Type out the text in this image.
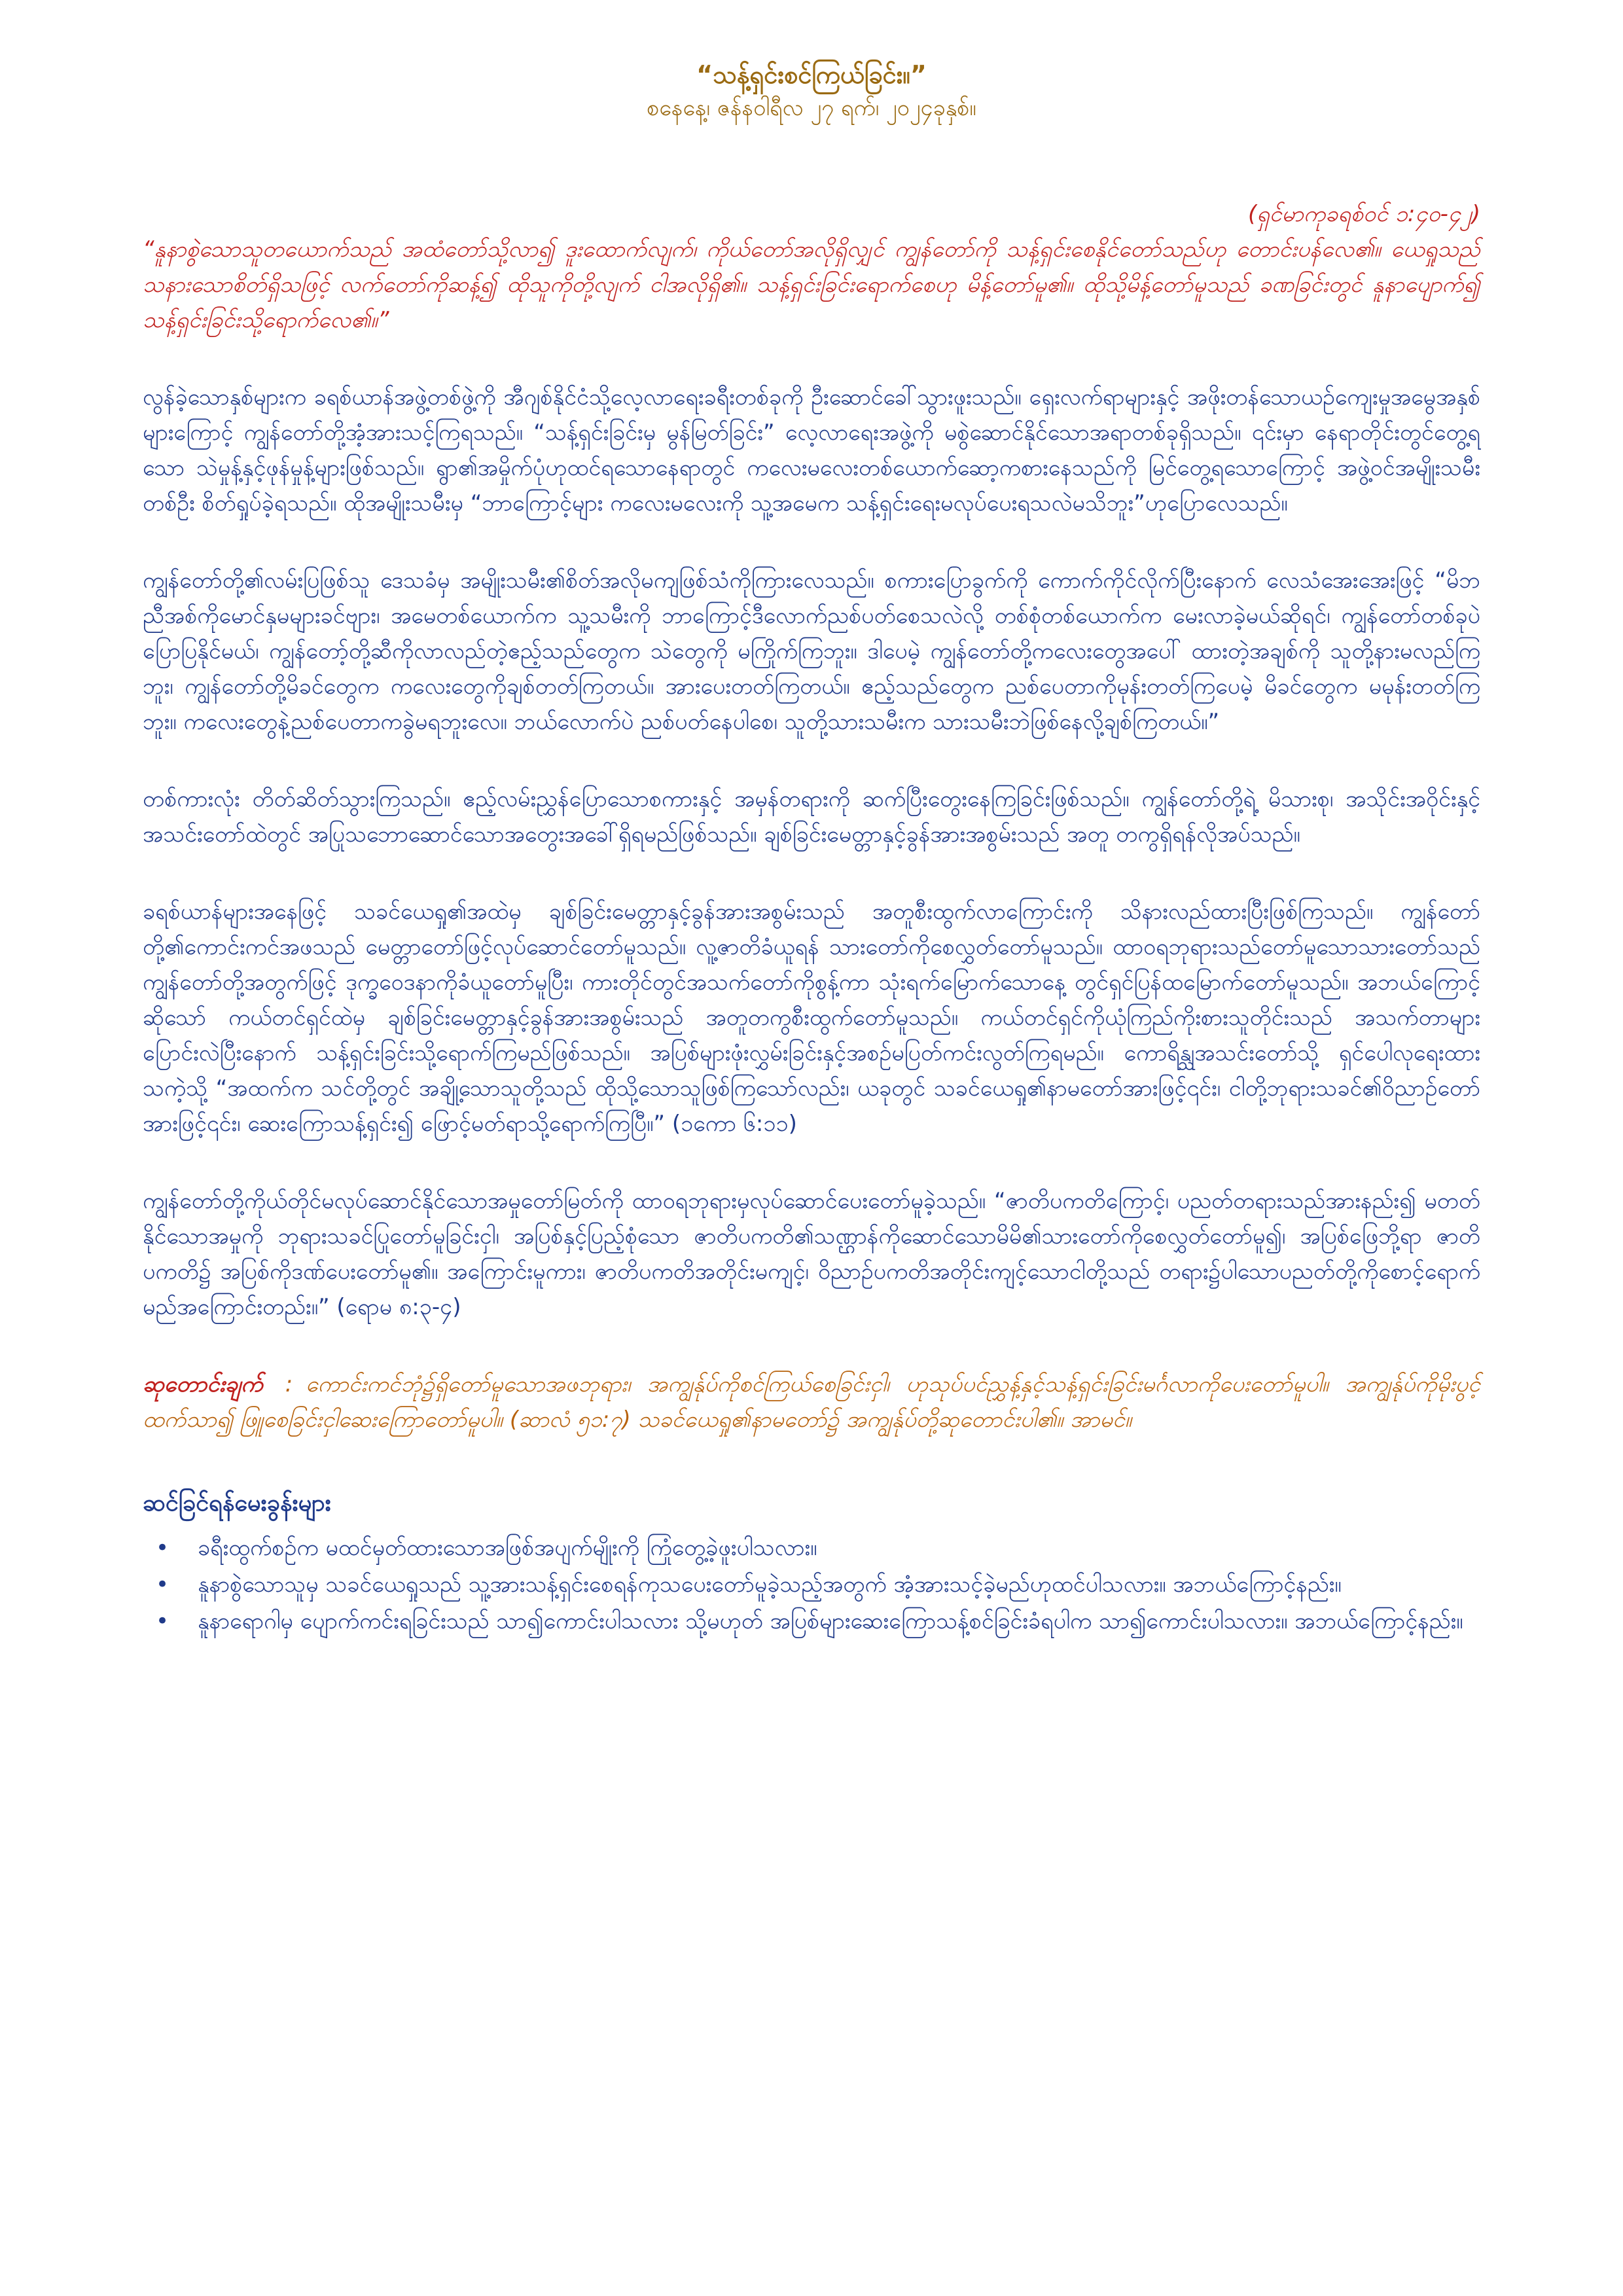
“သန့်ရှင်းစင်ကြယ်ခြင်း။”

စနေနေ့၊ ဇန်နဝါရီလ ၂၇ ရက်၊ ၂၀၂၄ခုနှစ်။

(ရှင်မာကုခရစ်ဝင် ၁:၄၀-၄၂)

“နူနာစွဲသောသူတယောက်သည် အထံတော်သို့လာ၍ ဒူးထောက်လျက်၊ ကိုယ်တော်အလိုရှိလျှင် ကျွန်တော်ကို သန့်ရှင်းစေနိုင်တော်သည်ဟု တောင်းပန်လေ၏။ ယေရှုသည် သနားသောစိတ်ရှိသဖြင့် လက်တော်ကိုဆန့်၍ ထိုသူကိုတို့လျက် ငါအလိုရှိ၏။ သန့်ရှင်းခြင်းရောက်စေဟု မိန့်တော်မူ၏။ ထိုသို့မိန့်တော်မူသည် ခဏခြင်းတွင် နူနာပျောက်၍ သန့်ရှင်းခြင်းသို့ရောက်လေ၏။”

လွန်ခဲ့သောနှစ်များက ခရစ်ယာန်အဖွဲ့တစ်ဖွဲ့ကို အီဂျစ်နိုင်ငံသို့လေ့လာရေးခရီးတစ်ခုကို ဦးဆောင်ခေါ်သွားဖူးသည်။ ရှေးလက်ရာများနှင့် အဖိုးတန်သောယဉ်ကျေးမှုအမွေအနှစ်များကြောင့် ကျွန်တော်တို့အံ့အားသင့်ကြရသည်။ “သန့်ရှင်းခြင်းမှ မွန်မြတ်ခြင်း” လေ့လာရေးအဖွဲ့ကို မစွဲဆောင်နိုင်သောအရာတစ်ခုရှိသည်။ ၎င်းမှာ နေရာတိုင်းတွင်တွေ့ရသော သဲမှုန့်နှင့်ဖုန်မှုန့်များဖြစ်သည်။ ရွာ၏အမှိုက်ပုံဟုထင်ရသောနေရာတွင် ကလေးမလေးတစ်ယောက်ဆော့ကစားနေသည်ကို မြင်တွေ့ရသောကြောင့် အဖွဲ့ဝင်အမျိုးသမီးတစ်ဦး စိတ်ရှုပ်ခဲ့ရသည်။ ထိုအမျိုးသမီးမှ “ဘာကြောင့်များ ကလေးမလေးကို သူ့အမေက သန့်ရှင်းရေးမလုပ်ပေးရသလဲမသိဘူး”ဟုပြောလေသည်။

ကျွန်တော်တို့၏လမ်းပြဖြစ်သူ ဒေသခံမှ အမျိုးသမီး၏စိတ်အလိုမကျဖြစ်သံကိုကြားလေသည်။ စကားပြောခွက်ကို ကောက်ကိုင်လိုက်ပြီးနောက် လေသံအေးအေးဖြင့် “မိဘညီအစ်ကိုမောင်နှမများခင်ဗျား၊ အမေတစ်ယောက်က သူ့သမီးကို ဘာကြောင့်ဒီလောက်ညစ်ပတ်စေသလဲလို့ တစ်စုံတစ်ယောက်က မေးလာခဲ့မယ်ဆိုရင်၊ ကျွန်တော်တစ်ခုပဲပြောပြနိုင်မယ်၊ ကျွန်တော့်တို့ဆီကိုလာလည်တဲ့ဧည့်သည်တွေက သဲတွေကို မကြိုက်ကြဘူး။ ဒါပေမဲ့ ကျွန်တော်တို့ကလေးတွေအပေါ် ထားတဲ့အချစ်ကို သူတို့နားမလည်ကြဘူး၊ ကျွန်တော်တို့မိခင်တွေက ကလေးတွေကိုချစ်တတ်ကြတယ်။ အားပေးတတ်ကြတယ်။ ဧည့်သည်တွေက ညစ်ပေတာကိုမုန်းတတ်ကြပေမဲ့ မိခင်တွေက မမုန်းတတ်ကြဘူး။ ကလေးတွေနဲ့ညစ်ပေတာကခွဲမရဘူးလေ။ ဘယ်လောက်ပဲ ညစ်ပတ်နေပါစေ၊ သူတို့သားသမီးက သားသမီးဘဲဖြစ်နေလို့ချစ်ကြတယ်။”

တစ်ကားလုံး တိတ်ဆိတ်သွားကြသည်။ ဧည့်လမ်းညွှန်ပြောသောစကားနှင့် အမှန်တရားကို ဆက်ပြီးတွေးနေကြခြင်းဖြစ်သည်။ ကျွန်တော်တို့ရဲ့ မိသားစု၊ အသိုင်းအဝိုင်းနှင့်အသင်းတော်ထဲတွင် အပြုသဘောဆောင်သောအတွေးအခေါ်ရှိရမည်ဖြစ်သည်။ ချစ်ခြင်းမေတ္တာနှင့်ခွန်အားအစွမ်းသည် အတူ တကွရှိရန်လိုအပ်သည်။

ခရစ်ယာန်များအနေဖြင့် သခင်ယေရှု၏အထဲမှ ချစ်ခြင်းမေတ္တာနှင့်ခွန်အားအစွမ်းသည် အတူစီးထွက်လာကြောင်းကို သိနားလည်ထားပြီးဖြစ်ကြသည်။ ကျွန်တော်တို့၏ကောင်းကင်အဖသည် မေတ္တာတော်ဖြင့်လုပ်ဆောင်တော်မူသည်။ လူ့ဇာတိခံယူရန် သားတော်ကိုစေလွှတ်တော်မူသည်။ ထာဝရဘုရားသည်တော်မူသောသားတော်သည် ကျွန်တော်တို့အတွက်ဖြင့် ဒုက္ခဝေဒနာကိုခံယူတော်မူပြီး၊ ကားတိုင်တွင်အသက်တော်ကိုစွန့်ကာ သုံးရက်မြောက်သောနေ့ တွင်ရှင်ပြန်ထမြောက်တော်မူသည်။ အဘယ်ကြောင့်ဆိုသော် ကယ်တင်ရှင်ထဲမှ ချစ်ခြင်းမေတ္တာနှင့်ခွန်အားအစွမ်းသည် အတူတကွစီးထွက်တော်မူသည်။ ကယ်တင်ရှင်ကိုယုံကြည်ကိုးစားသူတိုင်းသည် အသက်တာများပြောင်းလဲပြီးနောက် သန့်ရှင်းခြင်းသို့ရောက်ကြမည်ဖြစ်သည်။ အပြစ်များဖုံးလွှမ်းခြင်းနှင့်အစဉ်မပြတ်ကင်းလွတ်ကြရမည်။ ကောရိန္သုအသင်းတော်သို့ ရှင်ပေါလုရေးထားသကဲ့သို့ “အထက်က သင်တို့တွင် အချို့သောသူတို့သည် ထိုသို့သောသူဖြစ်ကြသော်လည်း၊ ယခုတွင် သခင်ယေရှု၏နာမတော်အားဖြင့်၎င်း၊ ငါတို့ဘုရားသခင်၏ဝိညာဉ်တော်အားဖြင့်၎င်း၊ ဆေးကြောသန့်ရှင်း၍ ဖြောင့်မတ်ရာသို့ရောက်ကြပြီ။” (၁ကော ၆:၁၁)

ကျွန်တော်တို့ကိုယ်တိုင်မလုပ်ဆောင်နိုင်သောအမှုတော်မြတ်ကို ထာဝရဘုရားမှလုပ်ဆောင်ပေးတော်မူခဲ့သည်။ “ဇာတိပကတိကြောင့်၊ ပညတ်တရားသည်အားနည်း၍ မတတ်နိုင်သောအမှုကို ဘုရားသခင်ပြုတော်မူခြင်းငှါ၊ အပြစ်နှင့်ပြည့်စုံသော ဇာတိပကတိ၏သဏ္ဌာန်ကိုဆောင်သောမိမိ၏သားတော်ကိုစေလွှတ်တော်မူ၍၊ အပြစ်ဖြေဘို့ရာ ဇာတိပကတိ၌ အပြစ်ကိုဒဏ်ပေးတော်မူ၏။ အကြောင်းမူကား၊ ဇာတိပကတိအတိုင်းမကျင့်၊ ဝိညာဉ်ပကတိအတိုင်းကျင့်သောငါတို့သည် တရား၌ပါသောပညတ်တို့ကိုစောင့်ရောက်မည်အကြောင်းတည်း။” (ရောမ ၈:၃-၄)

ဆုတောင်းချက် : ကောင်းကင်ဘုံ၌ရှိတော်မူသောအဖဘုရား၊ အကျွန်ုပ်ကိုစင်ကြယ်စေခြင်းငှါ၊ ဟုသုပ်ပင်ညွှန့်နှင့်သန့်ရှင်းခြင်းမင်္ဂလာကိုပေးတော်မူပါ။ အကျွန်ုပ်ကိုမိုးပွင့်ထက်သာ၍ ဖြူစေခြင်းငှါဆေးကြောတော်မူပါ။ (ဆာလံ ၅၁:၇) သခင်ယေရှု၏နာမတော်၌ အကျွန်ုပ်တို့ဆုတောင်းပါ၏။ အာမင်။
ဆင်ခြင်ရန်မေးခွန်းများ
• ခရီးထွက်စဉ်က မထင်မှတ်ထားသောအဖြစ်အပျက်မျိုးကို ကြုံတွေ့ခဲ့ဖူးပါသလား။
• နူနာစွဲသောသူမှ သခင်ယေရှုသည် သူ့အားသန့်ရှင်းစေရန်ကုသပေးတော်မူခဲ့သည့်အတွက် အံ့အားသင့်ခဲ့မည်ဟုထင်ပါသလား။ အဘယ်ကြောင့်နည်း။
• နူနာရောဂါမှ ပျောက်ကင်းရခြင်းသည် သာ၍ကောင်းပါသလား သို့မဟုတ် အပြစ်များဆေးကြောသန့်စင်ခြင်းခံရပါက သာ၍ကောင်းပါသလား။ အဘယ်ကြောင့်နည်း။
